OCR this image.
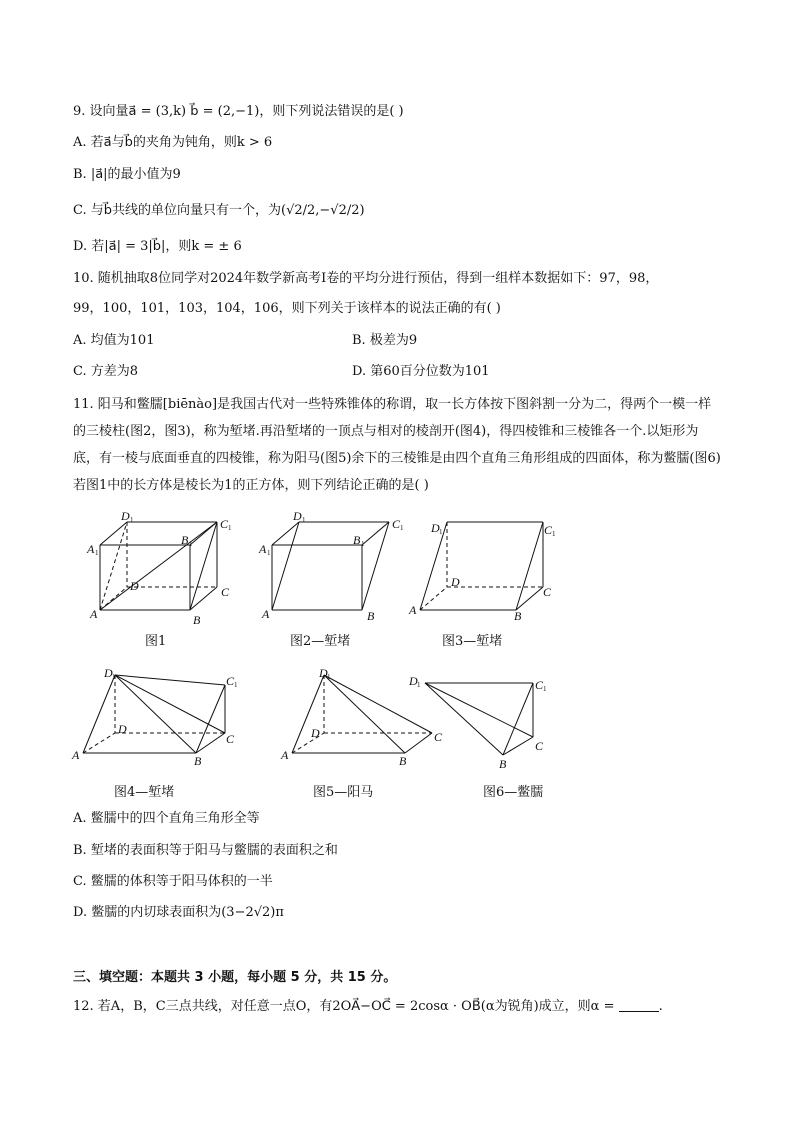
9. 设向量a⃗ = (3,k) b⃗ = (2,−1)，则下列说法错误的是( )
A. 若a⃗与b⃗的夹角为钝角，则k > 6
B. |a⃗|的最小值为9
C. 与b⃗共线的单位向量只有一个，为(√2/2,−√2/2)
D. 若|a⃗| = 3|b⃗|，则k = ± 6
10. 随机抽取8位同学对2024年数学新高考Ⅰ卷的平均分进行预估，得到一组样本数据如下：97，98，
99，100，101，103，104，106，则下列关于该样本的说法正确的有( )
A. 均值为101	B. 极差为9
C. 方差为8	D. 第60百分位数为101
11. 阳马和鳖臑[biēnào]是我国古代对一些特殊锥体的称谓，取一长方体按下图斜割一分为二，得两个一模一样的三棱柱(图2，图3)，称为堑堵.再沿堑堵的一顶点与相对的棱剖开(图4)，得四棱锥和三棱锥各一个.以矩形为底，有一棱与底面垂直的四棱锥，称为阳马(图5)余下的三棱锥是由四个直角三角形组成的四面体，称为鳖臑(图6)若图1中的长方体是棱长为1的正方体，则下列结论正确的是( )
D 1
A 1
B 1
C 1
D	C
A	B
图1
D 1
A 1
B 1
C 1
A	B
图2—堑堵
D 1	C 1
D
C
A	B
图3—堑堵
D 1	C 1
D
C
A	B
图4—堑堵
D 1
D	C
A	B
图5—阳马
D 1	C 1
C
B
图6—鳖臑
A. 鳖臑中的四个直角三角形全等
B. 堑堵的表面积等于阳马与鳖臑的表面积之和
C. 鳖臑的体积等于阳马体积的一半
D. 鳖臑的内切球表面积为(3−2√2)π
三、填空题：本题共 3 小题，每小题 5 分，共 15 分。
12. 若A，B，C三点共线，对任意一点O，有2OA⃗−OC⃗ = 2cosα · OB⃗(α为锐角)成立，则α =	.
